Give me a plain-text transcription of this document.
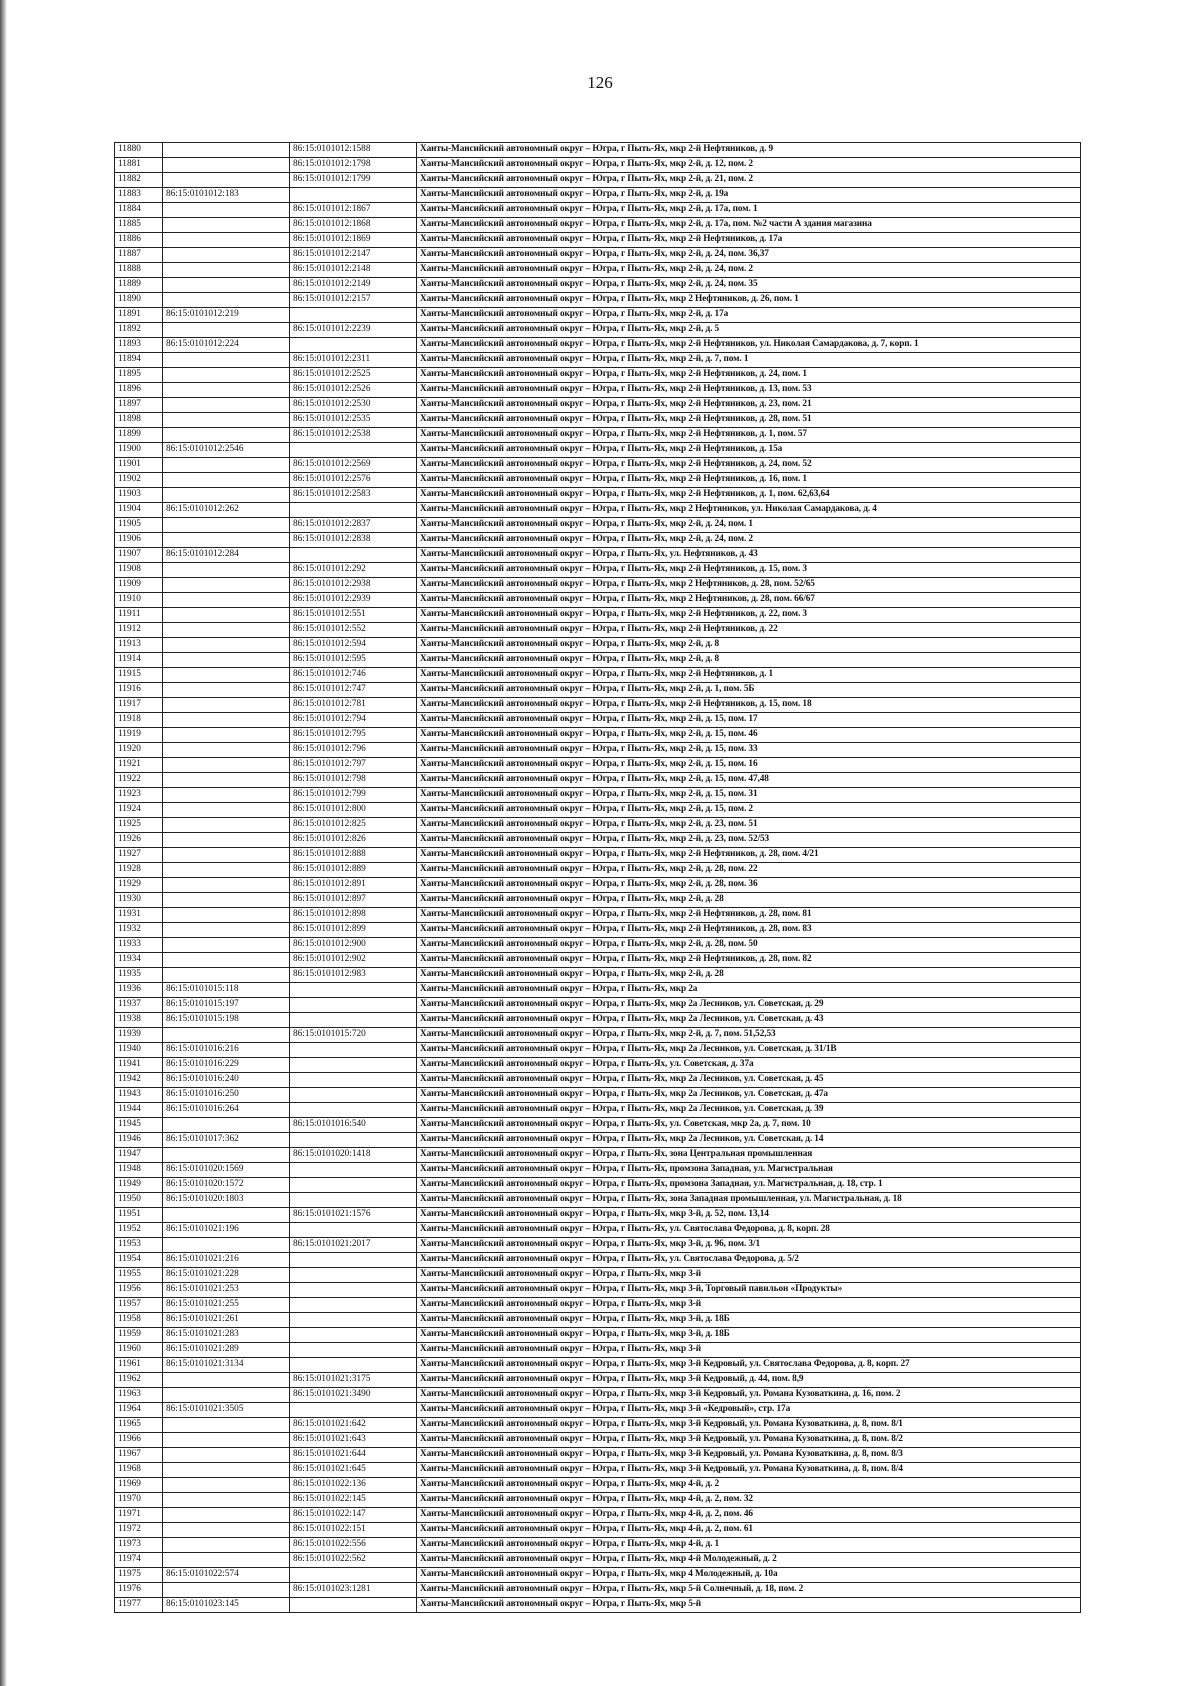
126
11880		86:15:0101012:1588	Ханты-Мансийский автономный округ – Югра, г Пыть-Ях, мкр 2-й Нефтяников, д. 9
11881		86:15:0101012:1798	Ханты-Мансийский автономный округ – Югра, г Пыть-Ях, мкр 2-й, д. 12, пом. 2
11882		86:15:0101012:1799	Ханты-Мансийский автономный округ – Югра, г Пыть-Ях, мкр 2-й, д. 21, пом. 2
11883	86:15:0101012:183		Ханты-Мансийский автономный округ – Югра, г Пыть-Ях, мкр 2-й, д. 19а
11884		86:15:0101012:1867	Ханты-Мансийский автономный округ – Югра, г Пыть-Ях, мкр 2-й, д. 17а, пом. 1
11885		86:15:0101012:1868	Ханты-Мансийский автономный округ – Югра, г Пыть-Ях, мкр 2-й, д. 17а, пом. №2 части А здания магазина
11886		86:15:0101012:1869	Ханты-Мансийский автономный округ – Югра, г Пыть-Ях, мкр 2-й Нефтяников, д. 17а
11887		86:15:0101012:2147	Ханты-Мансийский автономный округ – Югра, г Пыть-Ях, мкр 2-й, д. 24, пом. 36,37
11888		86:15:0101012:2148	Ханты-Мансийский автономный округ – Югра, г Пыть-Ях, мкр 2-й, д. 24, пом. 2
11889		86:15:0101012:2149	Ханты-Мансийский автономный округ – Югра, г Пыть-Ях, мкр 2-й, д. 24, пом. 35
11890		86:15:0101012:2157	Ханты-Мансийский автономный округ – Югра, г Пыть-Ях, мкр 2 Нефтяников, д. 26, пом. 1
11891	86:15:0101012:219		Ханты-Мансийский автономный округ – Югра, г Пыть-Ях, мкр 2-й, д. 17а
11892		86:15:0101012:2239	Ханты-Мансийский автономный округ – Югра, г Пыть-Ях, мкр 2-й, д. 5
11893	86:15:0101012:224		Ханты-Мансийский автономный округ – Югра, г Пыть-Ях, мкр 2-й Нефтяников, ул. Николая Самардакова, д. 7, корп. 1
11894		86:15:0101012:2311	Ханты-Мансийский автономный округ – Югра, г Пыть-Ях, мкр 2-й, д. 7, пом. 1
11895		86:15:0101012:2525	Ханты-Мансийский автономный округ – Югра, г Пыть-Ях, мкр 2-й Нефтяников, д. 24, пом. 1
11896		86:15:0101012:2526	Ханты-Мансийский автономный округ – Югра, г Пыть-Ях, мкр 2-й Нефтяников, д. 13, пом. 53
11897		86:15:0101012:2530	Ханты-Мансийский автономный округ – Югра, г Пыть-Ях, мкр 2-й Нефтяников, д. 23, пом. 21
11898		86:15:0101012:2535	Ханты-Мансийский автономный округ – Югра, г Пыть-Ях, мкр 2-й Нефтяников, д. 28, пом. 51
11899		86:15:0101012:2538	Ханты-Мансийский автономный округ – Югра, г Пыть-Ях, мкр 2-й Нефтяников, д. 1, пом. 57
11900	86:15:0101012:2546		Ханты-Мансийский автономный округ – Югра, г Пыть-Ях, мкр 2-й Нефтяников, д. 15а
11901		86:15:0101012:2569	Ханты-Мансийский автономный округ – Югра, г Пыть-Ях, мкр 2-й Нефтяников, д. 24, пом. 52
11902		86:15:0101012:2576	Ханты-Мансийский автономный округ – Югра, г Пыть-Ях, мкр 2-й Нефтяников, д. 16, пом. 1
11903		86:15:0101012:2583	Ханты-Мансийский автономный округ – Югра, г Пыть-Ях, мкр 2-й Нефтяников, д. 1, пом. 62,63,64
11904	86:15:0101012:262		Ханты-Мансийский автономный округ – Югра, г Пыть-Ях, мкр 2 Нефтяников, ул. Николая Самардакова, д. 4
11905		86:15:0101012:2837	Ханты-Мансийский автономный округ – Югра, г Пыть-Ях, мкр 2-й, д. 24, пом. 1
11906		86:15:0101012:2838	Ханты-Мансийский автономный округ – Югра, г Пыть-Ях, мкр 2-й, д. 24, пом. 2
11907	86:15:0101012:284		Ханты-Мансийский автономный округ – Югра, г Пыть-Ях, ул. Нефтяников, д. 43
11908		86:15:0101012:292	Ханты-Мансийский автономный округ – Югра, г Пыть-Ях, мкр 2-й Нефтяников, д. 15, пом. 3
11909		86:15:0101012:2938	Ханты-Мансийский автономный округ – Югра, г Пыть-Ях, мкр 2 Нефтяников, д. 28, пом. 52/65
11910		86:15:0101012:2939	Ханты-Мансийский автономный округ – Югра, г Пыть-Ях, мкр 2 Нефтяников, д. 28, пом. 66/67
11911		86:15:0101012:551	Ханты-Мансийский автономный округ – Югра, г Пыть-Ях, мкр 2-й Нефтяников, д. 22, пом. 3
11912		86:15:0101012:552	Ханты-Мансийский автономный округ – Югра, г Пыть-Ях, мкр 2-й Нефтяников, д. 22
11913		86:15:0101012:594	Ханты-Мансийский автономный округ – Югра, г Пыть-Ях, мкр 2-й, д. 8
11914		86:15:0101012:595	Ханты-Мансийский автономный округ – Югра, г Пыть-Ях, мкр 2-й, д. 8
11915		86:15:0101012:746	Ханты-Мансийский автономный округ – Югра, г Пыть-Ях, мкр 2-й Нефтяников, д. 1
11916		86:15:0101012:747	Ханты-Мансийский автономный округ – Югра, г Пыть-Ях, мкр 2-й, д. 1, пом. 5Б
11917		86:15:0101012:781	Ханты-Мансийский автономный округ – Югра, г Пыть-Ях, мкр 2-й Нефтяников, д. 15, пом. 18
11918		86:15:0101012:794	Ханты-Мансийский автономный округ – Югра, г Пыть-Ях, мкр 2-й, д. 15, пом. 17
11919		86:15:0101012:795	Ханты-Мансийский автономный округ – Югра, г Пыть-Ях, мкр 2-й, д. 15, пом. 46
11920		86:15:0101012:796	Ханты-Мансийский автономный округ – Югра, г Пыть-Ях, мкр 2-й, д. 15, пом. 33
11921		86:15:0101012:797	Ханты-Мансийский автономный округ – Югра, г Пыть-Ях, мкр 2-й, д. 15, пом. 16
11922		86:15:0101012:798	Ханты-Мансийский автономный округ – Югра, г Пыть-Ях, мкр 2-й, д. 15, пом. 47,48
11923		86:15:0101012:799	Ханты-Мансийский автономный округ – Югра, г Пыть-Ях, мкр 2-й, д. 15, пом. 31
11924		86:15:0101012:800	Ханты-Мансийский автономный округ – Югра, г Пыть-Ях, мкр 2-й, д. 15, пом. 2
11925		86:15:0101012:825	Ханты-Мансийский автономный округ – Югра, г Пыть-Ях, мкр 2-й, д. 23, пом. 51
11926		86:15:0101012:826	Ханты-Мансийский автономный округ – Югра, г Пыть-Ях, мкр 2-й, д. 23, пом. 52/53
11927		86:15:0101012:888	Ханты-Мансийский автономный округ – Югра, г Пыть-Ях, мкр 2-й Нефтяников, д. 28, пом. 4/21
11928		86:15:0101012:889	Ханты-Мансийский автономный округ – Югра, г Пыть-Ях, мкр 2-й, д. 28, пом. 22
11929		86:15:0101012:891	Ханты-Мансийский автономный округ – Югра, г Пыть-Ях, мкр 2-й, д. 28, пом. 36
11930		86:15:0101012:897	Ханты-Мансийский автономный округ – Югра, г Пыть-Ях, мкр 2-й, д. 28
11931		86:15:0101012:898	Ханты-Мансийский автономный округ – Югра, г Пыть-Ях, мкр 2-й Нефтяников, д. 28, пом. 81
11932		86:15:0101012:899	Ханты-Мансийский автономный округ – Югра, г Пыть-Ях, мкр 2-й Нефтяников, д. 28, пом. 83
11933		86:15:0101012:900	Ханты-Мансийский автономный округ – Югра, г Пыть-Ях, мкр 2-й, д. 28, пом. 50
11934		86:15:0101012:902	Ханты-Мансийский автономный округ – Югра, г Пыть-Ях, мкр 2-й Нефтяников, д. 28, пом. 82
11935		86:15:0101012:983	Ханты-Мансийский автономный округ – Югра, г Пыть-Ях, мкр 2-й, д. 28
11936	86:15:0101015:118		Ханты-Мансийский автономный округ – Югра, г Пыть-Ях, мкр 2а
11937	86:15:0101015:197		Ханты-Мансийский автономный округ – Югра, г Пыть-Ях, мкр 2а Лесников, ул. Советская, д. 29
11938	86:15:0101015:198		Ханты-Мансийский автономный округ – Югра, г Пыть-Ях, мкр 2а Лесников, ул. Советская, д. 43
11939		86:15:0101015:720	Ханты-Мансийский автономный округ – Югра, г Пыть-Ях, мкр 2-й, д. 7, пом. 51,52,53
11940	86:15:0101016:216		Ханты-Мансийский автономный округ – Югра, г Пыть-Ях, мкр 2а Лесников, ул. Советская, д. 31/1В
11941	86:15:0101016:229		Ханты-Мансийский автономный округ – Югра, г Пыть-Ях, ул. Советская, д. 37а
11942	86:15:0101016:240		Ханты-Мансийский автономный округ – Югра, г Пыть-Ях, мкр 2а Лесников, ул. Советская, д. 45
11943	86:15:0101016:250		Ханты-Мансийский автономный округ – Югра, г Пыть-Ях, мкр 2а Лесников, ул. Советская, д. 47а
11944	86:15:0101016:264		Ханты-Мансийский автономный округ – Югра, г Пыть-Ях, мкр 2а Лесников, ул. Советская, д. 39
11945		86:15:0101016:540	Ханты-Мансийский автономный округ – Югра, г Пыть-Ях, ул. Советская, мкр 2а, д. 7, пом. 10
11946	86:15:0101017:362		Ханты-Мансийский автономный округ – Югра, г Пыть-Ях, мкр 2а Лесников, ул. Советская, д. 14
11947		86:15:0101020:1418	Ханты-Мансийский автономный округ – Югра, г Пыть-Ях, зона Центральная промышленная
11948	86:15:0101020:1569		Ханты-Мансийский автономный округ – Югра, г Пыть-Ях, промзона Западная, ул. Магистральная
11949	86:15:0101020:1572		Ханты-Мансийский автономный округ – Югра, г Пыть-Ях, промзона Западная, ул. Магистральная, д. 18, стр. 1
11950	86:15:0101020:1803		Ханты-Мансийский автономный округ – Югра, г Пыть-Ях, зона Западная промышленная, ул. Магистральная, д. 18
11951		86:15:0101021:1576	Ханты-Мансийский автономный округ – Югра, г Пыть-Ях, мкр 3-й, д. 52, пом. 13,14
11952	86:15:0101021:196		Ханты-Мансийский автономный округ – Югра, г Пыть-Ях, ул. Святослава Федорова, д. 8, корп. 28
11953		86:15:0101021:2017	Ханты-Мансийский автономный округ – Югра, г Пыть-Ях, мкр 3-й, д. 96, пом. 3/1
11954	86:15:0101021:216		Ханты-Мансийский автономный округ – Югра, г Пыть-Ях, ул. Святослава Федорова, д. 5/2
11955	86:15:0101021:228		Ханты-Мансийский автономный округ – Югра, г Пыть-Ях, мкр 3-й
11956	86:15:0101021:253		Ханты-Мансийский автономный округ – Югра, г Пыть-Ях, мкр 3-й, Торговый павильон «Продукты»
11957	86:15:0101021:255		Ханты-Мансийский автономный округ – Югра, г Пыть-Ях, мкр 3-й
11958	86:15:0101021:261		Ханты-Мансийский автономный округ – Югра, г Пыть-Ях, мкр 3-й, д. 18Б
11959	86:15:0101021:283		Ханты-Мансийский автономный округ – Югра, г Пыть-Ях, мкр 3-й, д. 18Б
11960	86:15:0101021:289		Ханты-Мансийский автономный округ – Югра, г Пыть-Ях, мкр 3-й
11961	86:15:0101021:3134		Ханты-Мансийский автономный округ – Югра, г Пыть-Ях, мкр 3-й Кедровый, ул. Святослава Федорова, д. 8, корп. 27
11962		86:15:0101021:3175	Ханты-Мансийский автономный округ – Югра, г Пыть-Ях, мкр 3-й Кедровый, д. 44, пом. 8,9
11963		86:15:0101021:3490	Ханты-Мансийский автономный округ – Югра, г Пыть-Ях, мкр 3-й Кедровый, ул. Романа Кузоваткина, д. 16, пом. 2
11964	86:15:0101021:3505		Ханты-Мансийский автономный округ – Югра, г Пыть-Ях, мкр 3-й «Кедровый», стр. 17а
11965		86:15:0101021:642	Ханты-Мансийский автономный округ – Югра, г Пыть-Ях, мкр 3-й Кедровый, ул. Романа Кузоваткина, д. 8, пом. 8/1
11966		86:15:0101021:643	Ханты-Мансийский автономный округ – Югра, г Пыть-Ях, мкр 3-й Кедровый, ул. Романа Кузоваткина, д. 8, пом. 8/2
11967		86:15:0101021:644	Ханты-Мансийский автономный округ – Югра, г Пыть-Ях, мкр 3-й Кедровый, ул. Романа Кузоваткина, д. 8, пом. 8/3
11968		86:15:0101021:645	Ханты-Мансийский автономный округ – Югра, г Пыть-Ях, мкр 3-й Кедровый, ул. Романа Кузоваткина, д. 8, пом. 8/4
11969		86:15:0101022:136	Ханты-Мансийский автономный округ – Югра, г Пыть-Ях, мкр 4-й, д. 2
11970		86:15:0101022:145	Ханты-Мансийский автономный округ – Югра, г Пыть-Ях, мкр 4-й, д. 2, пом. 32
11971		86:15:0101022:147	Ханты-Мансийский автономный округ – Югра, г Пыть-Ях, мкр 4-й, д. 2, пом. 46
11972		86:15:0101022:151	Ханты-Мансийский автономный округ – Югра, г Пыть-Ях, мкр 4-й, д. 2, пом. 61
11973		86:15:0101022:556	Ханты-Мансийский автономный округ – Югра, г Пыть-Ях, мкр 4-й, д. 1
11974		86:15:0101022:562	Ханты-Мансийский автономный округ – Югра, г Пыть-Ях, мкр 4-й Молодежный, д. 2
11975	86:15:0101022:574		Ханты-Мансийский автономный округ – Югра, г Пыть-Ях, мкр 4 Молодежный, д. 10а
11976		86:15:0101023:1281	Ханты-Мансийский автономный округ – Югра, г Пыть-Ях, мкр 5-й Солнечный, д. 18, пом. 2
11977	86:15:0101023:145		Ханты-Мансийский автономный округ – Югра, г Пыть-Ях, мкр 5-й
